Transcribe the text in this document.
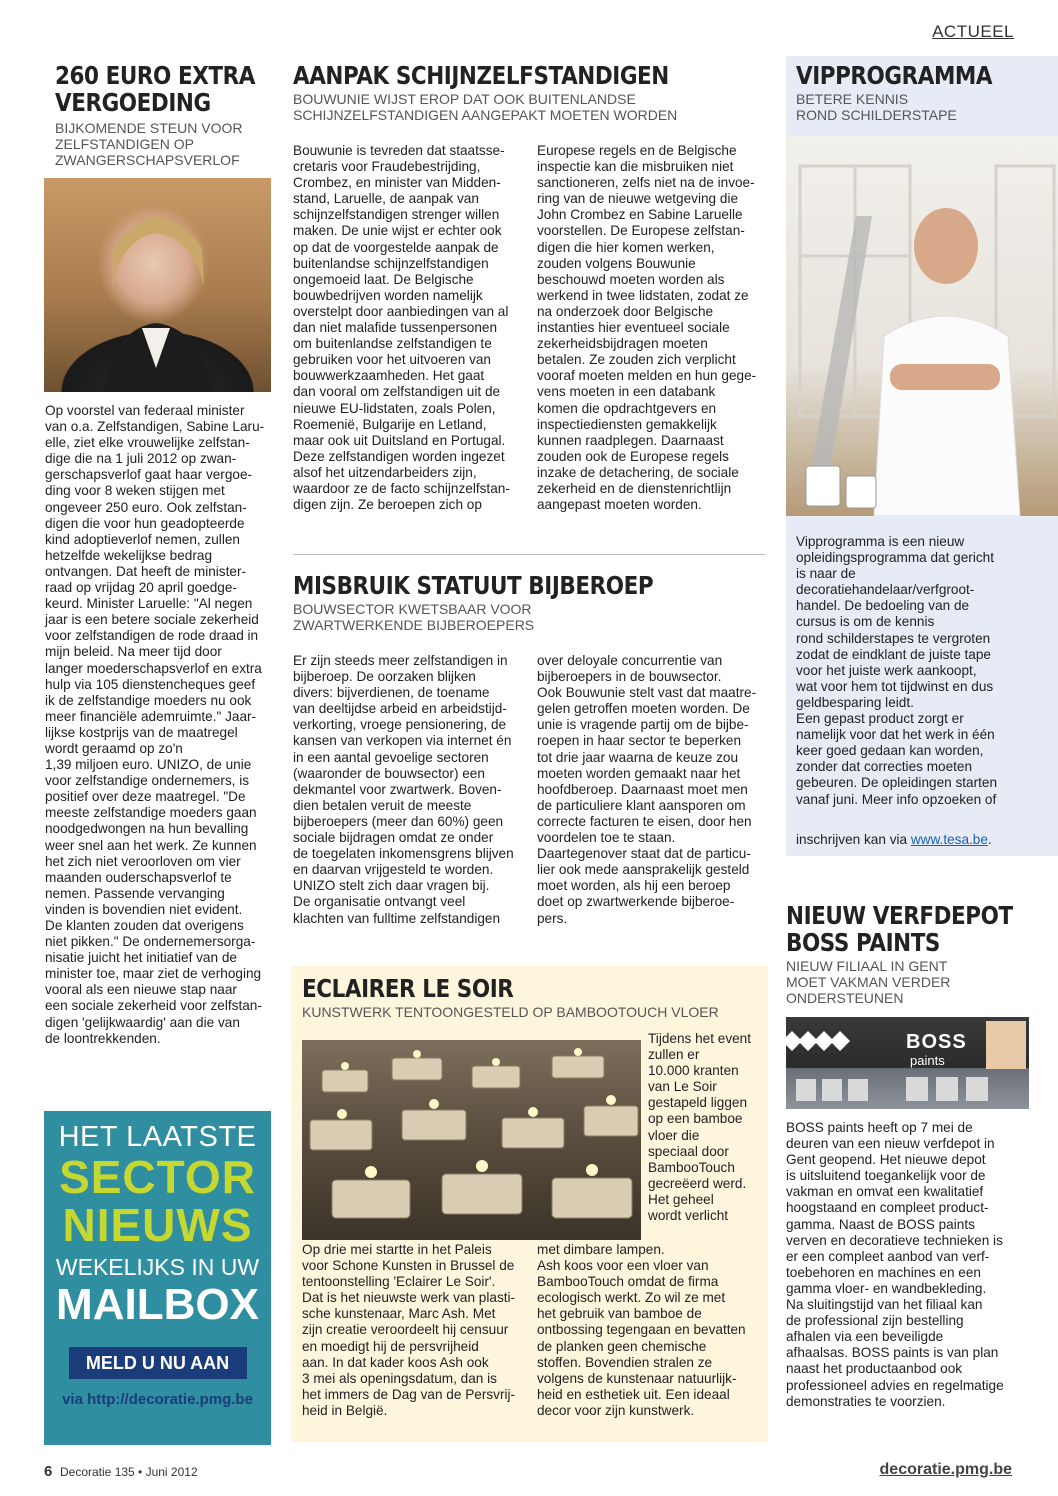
ACTUEEL
260 EURO EXTRA
VERGOEDING
BIJKOMENDE STEUN VOOR
ZELFSTANDIGEN OP
ZWANGERSCHAPSVERLOF
Op voorstel van federaal minister
van o.a. Zelfstandigen, Sabine Laru-
elle, ziet elke vrouwelijke zelfstan-
dige die na 1 juli 2012 op zwan-
gerschapsverlof gaat haar vergoe-
ding voor 8 weken stijgen met
ongeveer 250 euro. Ook zelfstan-
digen die voor hun geadopteerde
kind adoptieverlof nemen, zullen
hetzelfde wekelijkse bedrag
ontvangen. Dat heeft de minister-
raad op vrijdag 20 april goedge-
keurd. Minister Laruelle: "Al negen
jaar is een betere sociale zekerheid
voor zelfstandigen de rode draad in
mijn beleid. Na meer tijd door
langer moederschapsverlof en extra
hulp via 105 dienstencheques geef
ik de zelfstandige moeders nu ook
meer financiële ademruimte." Jaar-
lijkse kostprijs van de maatregel
wordt geraamd op zo'n
1,39 miljoen euro. UNIZO, de unie
voor zelfstandige ondernemers, is
positief over deze maatregel. "De
meeste zelfstandige moeders gaan
noodgedwongen na hun bevalling
weer snel aan het werk. Ze kunnen
het zich niet veroorloven om vier
maanden ouderschapsverlof te
nemen. Passende vervanging
vinden is bovendien niet evident.
De klanten zouden dat overigens
niet pikken." De ondernemersorga-
nisatie juicht het initiatief van de
minister toe, maar ziet de verhoging
vooral als een nieuwe stap naar
een sociale zekerheid voor zelfstan-
digen 'gelijkwaardig' aan die van
de loontrekkenden.
HET LAATSTE
SECTOR
NIEUWS
WEKELIJKS IN UW
MAILBOX
MELD U NU AAN
via http://decoratie.pmg.be
AANPAK SCHIJNZELFSTANDIGEN
BOUWUNIE WIJST EROP DAT OOK BUITENLANDSE
SCHIJNZELFSTANDIGEN AANGEPAKT MOETEN WORDEN
Bouwunie is tevreden dat staatsse-
cretaris voor Fraudebestrijding,
Crombez, en minister van Midden-
stand, Laruelle, de aanpak van
schijnzelfstandigen strenger willen
maken. De unie wijst er echter ook
op dat de voorgestelde aanpak de
buitenlandse schijnzelfstandigen
ongemoeid laat. De Belgische
bouwbedrijven worden namelijk
overstelpt door aanbiedingen van al
dan niet malafide tussenpersonen
om buitenlandse zelfstandigen te
gebruiken voor het uitvoeren van
bouwwerkzaamheden. Het gaat
dan vooral om zelfstandigen uit de
nieuwe EU-lidstaten, zoals Polen,
Roemenië, Bulgarije en Letland,
maar ook uit Duitsland en Portugal.
Deze zelfstandigen worden ingezet
alsof het uitzendarbeiders zijn,
waardoor ze de facto schijnzelfstan-
digen zijn. Ze beroepen zich op
Europese regels en de Belgische
inspectie kan die misbruiken niet
sanctioneren, zelfs niet na de invoe-
ring van de nieuwe wetgeving die
John Crombez en Sabine Laruelle
voorstellen. De Europese zelfstan-
digen die hier komen werken,
zouden volgens Bouwunie
beschouwd moeten worden als
werkend in twee lidstaten, zodat ze
na onderzoek door Belgische
instanties hier eventueel sociale
zekerheidsbijdragen moeten
betalen. Ze zouden zich verplicht
vooraf moeten melden en hun gege-
vens moeten in een databank
komen die opdrachtgevers en
inspectiediensten gemakkelijk
kunnen raadplegen. Daarnaast
zouden ook de Europese regels
inzake de detachering, de sociale
zekerheid en de dienstenrichtlijn
aangepast moeten worden.
MISBRUIK STATUUT BIJBEROEP
BOUWSECTOR KWETSBAAR VOOR
ZWARTWERKENDE BIJBEROEPERS
Er zijn steeds meer zelfstandigen in
bijberoep. De oorzaken blijken
divers: bijverdienen, de toename
van deeltijdse arbeid en arbeidstijd-
verkorting, vroege pensionering, de
kansen van verkopen via internet én
in een aantal gevoelige sectoren
(waaronder de bouwsector) een
dekmantel voor zwartwerk. Boven-
dien betalen veruit de meeste
bijberoepers (meer dan 60%) geen
sociale bijdragen omdat ze onder
de toegelaten inkomensgrens blijven
en daarvan vrijgesteld te worden.
UNIZO stelt zich daar vragen bij.
De organisatie ontvangt veel
klachten van fulltime zelfstandigen
over deloyale concurrentie van
bijberoepers in de bouwsector.
Ook Bouwunie stelt vast dat maatre-
gelen getroffen moeten worden. De
unie is vragende partij om de bijbe-
roepen in haar sector te beperken
tot drie jaar waarna de keuze zou
moeten worden gemaakt naar het
hoofdberoep. Daarnaast moet men
de particuliere klant aansporen om
correcte facturen te eisen, door hen
voordelen toe te staan.
Daartegenover staat dat de particu-
lier ook mede aansprakelijk gesteld
moet worden, als hij een beroep
doet op zwartwerkende bijberoe-
pers.
ECLAIRER LE SOIR
KUNSTWERK TENTOONGESTELD OP BAMBOOTOUCH VLOER
Tijdens het event
zullen er
10.000 kranten
van Le Soir
gestapeld liggen
op een bamboe
vloer die
speciaal door
BambooTouch
gecreëerd werd.
Het geheel
wordt verlicht
Op drie mei startte in het Paleis
voor Schone Kunsten in Brussel de
tentoonstelling 'Eclairer Le Soir'.
Dat is het nieuwste werk van plasti-
sche kunstenaar, Marc Ash. Met
zijn creatie veroordeelt hij censuur
en moedigt hij de persvrijheid
aan. In dat kader koos Ash ook
3 mei als openingsdatum, dan is
het immers de Dag van de Persvrij-
heid in België.
met dimbare lampen.
Ash koos voor een vloer van
BambooTouch omdat de firma
ecologisch werkt. Zo wil ze met
het gebruik van bamboe de
ontbossing tegengaan en bevatten
de planken geen chemische
stoffen. Bovendien stralen ze
volgens de kunstenaar natuurlijk-
heid en esthetiek uit. Een ideaal
decor voor zijn kunstwerk.
VIPPROGRAMMA
BETERE KENNIS
ROND SCHILDERSTAPE
Vipprogramma is een nieuw
opleidingsprogramma dat gericht
is naar de
decoratiehandelaar/verfgroot-
handel. De bedoeling van de
cursus is om de kennis
rond schilderstapes te vergroten
zodat de eindklant de juiste tape
voor het juiste werk aankoopt,
wat voor hem tot tijdwinst en dus
geldbesparing leidt.
Een gepast product zorgt er
namelijk voor dat het werk in één
keer goed gedaan kan worden,
zonder dat correcties moeten
gebeuren. De opleidingen starten
vanaf juni. Meer info opzoeken of
inschrijven kan via www.tesa.be.
NIEUW VERFDEPOT
BOSS PAINTS
NIEUW FILIAAL IN GENT
MOET VAKMAN VERDER
ONDERSTEUNEN
BOSS
paints
BOSS paints heeft op 7 mei de
deuren van een nieuw verfdepot in
Gent geopend. Het nieuwe depot
is uitsluitend toegankelijk voor de
vakman en omvat een kwalitatief
hoogstaand en compleet product-
gamma. Naast de BOSS paints
verven en decoratieve technieken is
er een compleet aanbod van verf-
toebehoren en machines en een
gamma vloer- en wandbekleding.
Na sluitingstijd van het filiaal kan
de professional zijn bestelling
afhalen via een beveiligde
afhaalsas. BOSS paints is van plan
naast het productaanbod ook
professioneel advies en regelmatige
demonstraties te voorzien.
6 Decoratie 135 • Juni 2012	decoratie.pmg.be
